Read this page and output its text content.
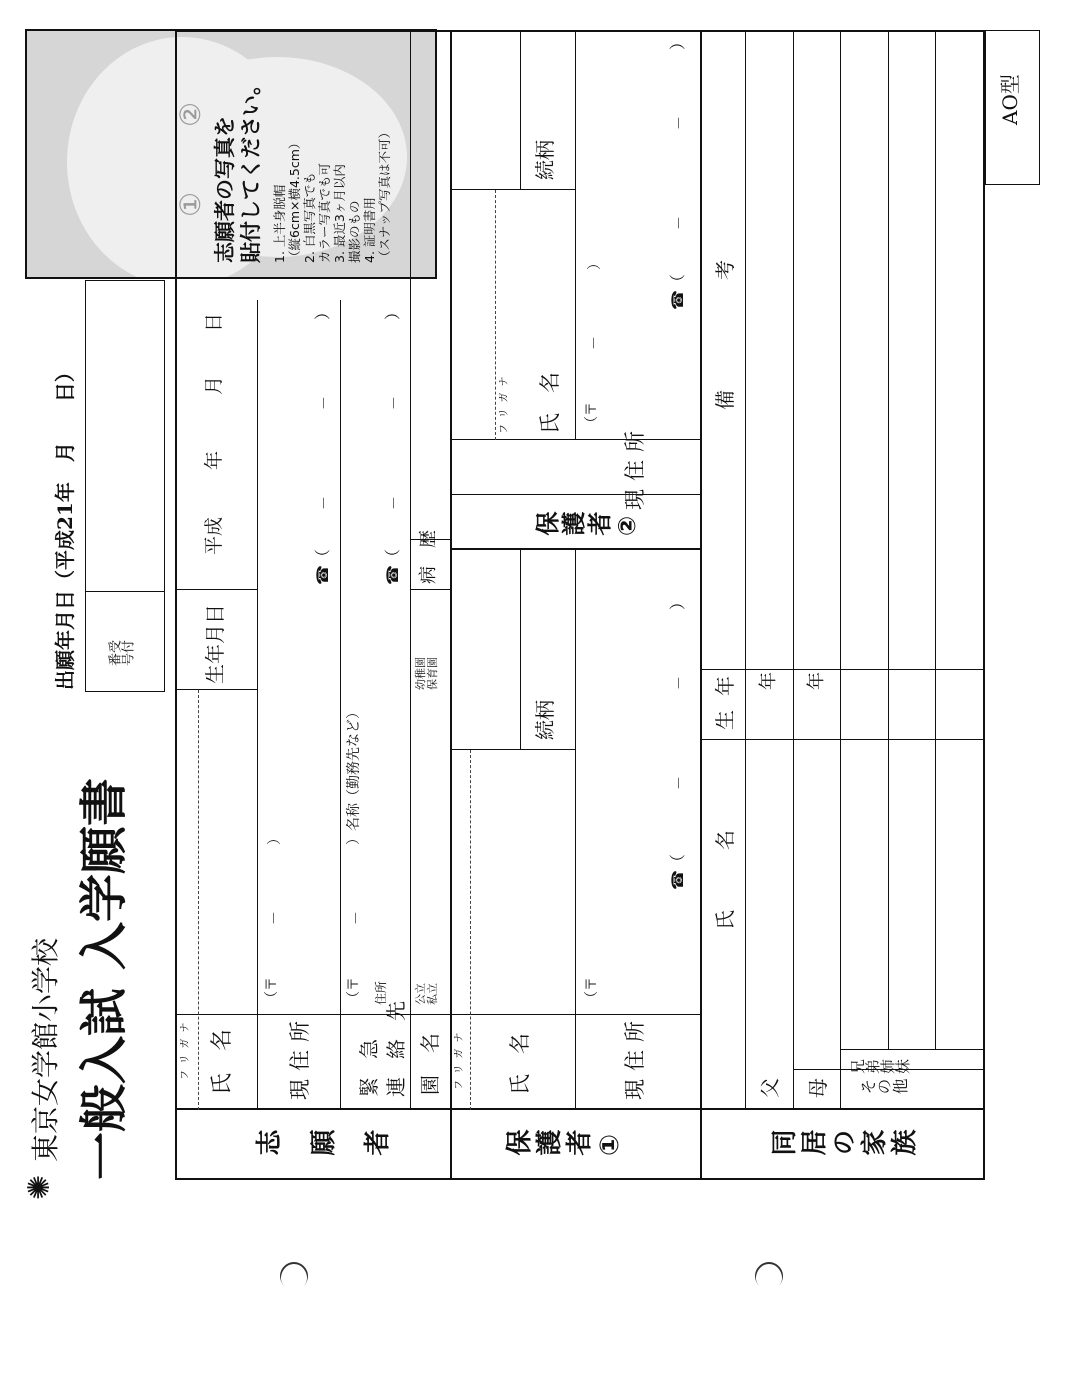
✺
東京女学館小学校 一般入試入学願書
出願年月日（平成21年　月　　日） 受付
番号
①
②
志願者の写真を
貼付してください。 1. 上半身脱帽
（縦6cm×横4.5cm） 2. 白黒写真でも
カラー写真でも可 3. 最近3ヶ月以内
撮影のもの 4. 証明書用
（スナップ写真は不可）
志願者
フリガナ 氏名
生年月日
平成
年
月
日
現住所
（〒
－
）
☎（
－
－
）
緊急
連絡先
（〒
－
）名称（勤務先など）
住所
☎（
－
－
）
園名
公立
私立
幼稚園
保育園
病歴
保護者①
フリガナ 氏名
続柄
現住所
（〒
☎（
－
－
）
保護者②
フリガナ 氏名
続柄
現住所
（〒
－
）
☎（
－
－
）
同居の家族
氏名
生年
備考
父
年
母
年
その他
兄弟姉妹
AO型
